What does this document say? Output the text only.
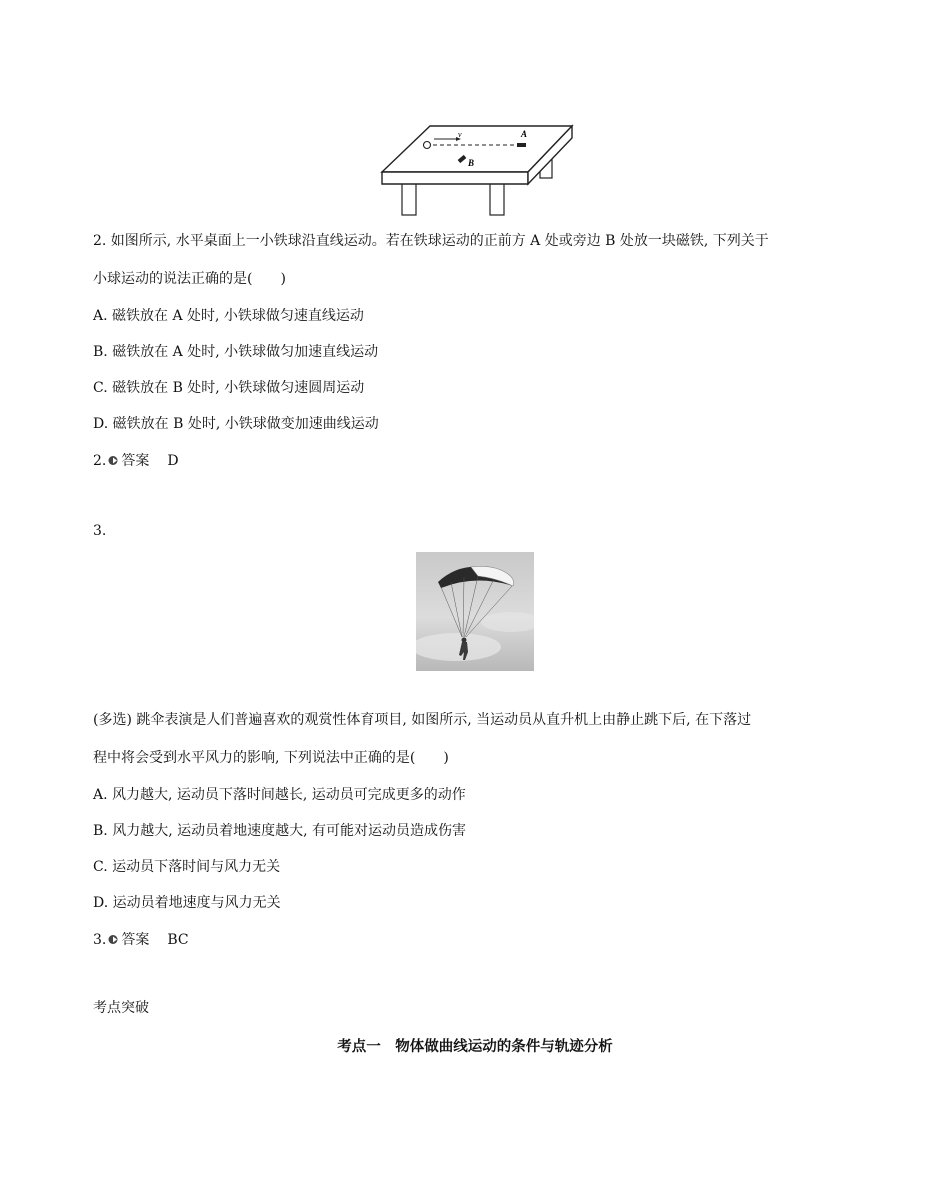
v	A
B
2. 如图所示, 水平桌面上一小铁球沿直线运动。若在铁球运动的正前方 A 处或旁边 B 处放一块磁铁, 下列关于
小球运动的说法正确的是(　　)
A. 磁铁放在 A 处时, 小铁球做匀速直线运动
B. 磁铁放在 A 处时, 小铁球做匀加速直线运动
C. 磁铁放在 B 处时, 小铁球做匀速圆周运动
D. 磁铁放在 B 处时, 小铁球做变加速曲线运动
2. 答案 D
3.
(多选) 跳伞表演是人们普遍喜欢的观赏性体育项目, 如图所示, 当运动员从直升机上由静止跳下后, 在下落过
程中将会受到水平风力的影响, 下列说法中正确的是(　　)
A. 风力越大, 运动员下落时间越长, 运动员可完成更多的动作
B. 风力越大, 运动员着地速度越大, 有可能对运动员造成伤害
C. 运动员下落时间与风力无关
D. 运动员着地速度与风力无关
3. 答案 BC
考点突破
考点一　物体做曲线运动的条件与轨迹分析
